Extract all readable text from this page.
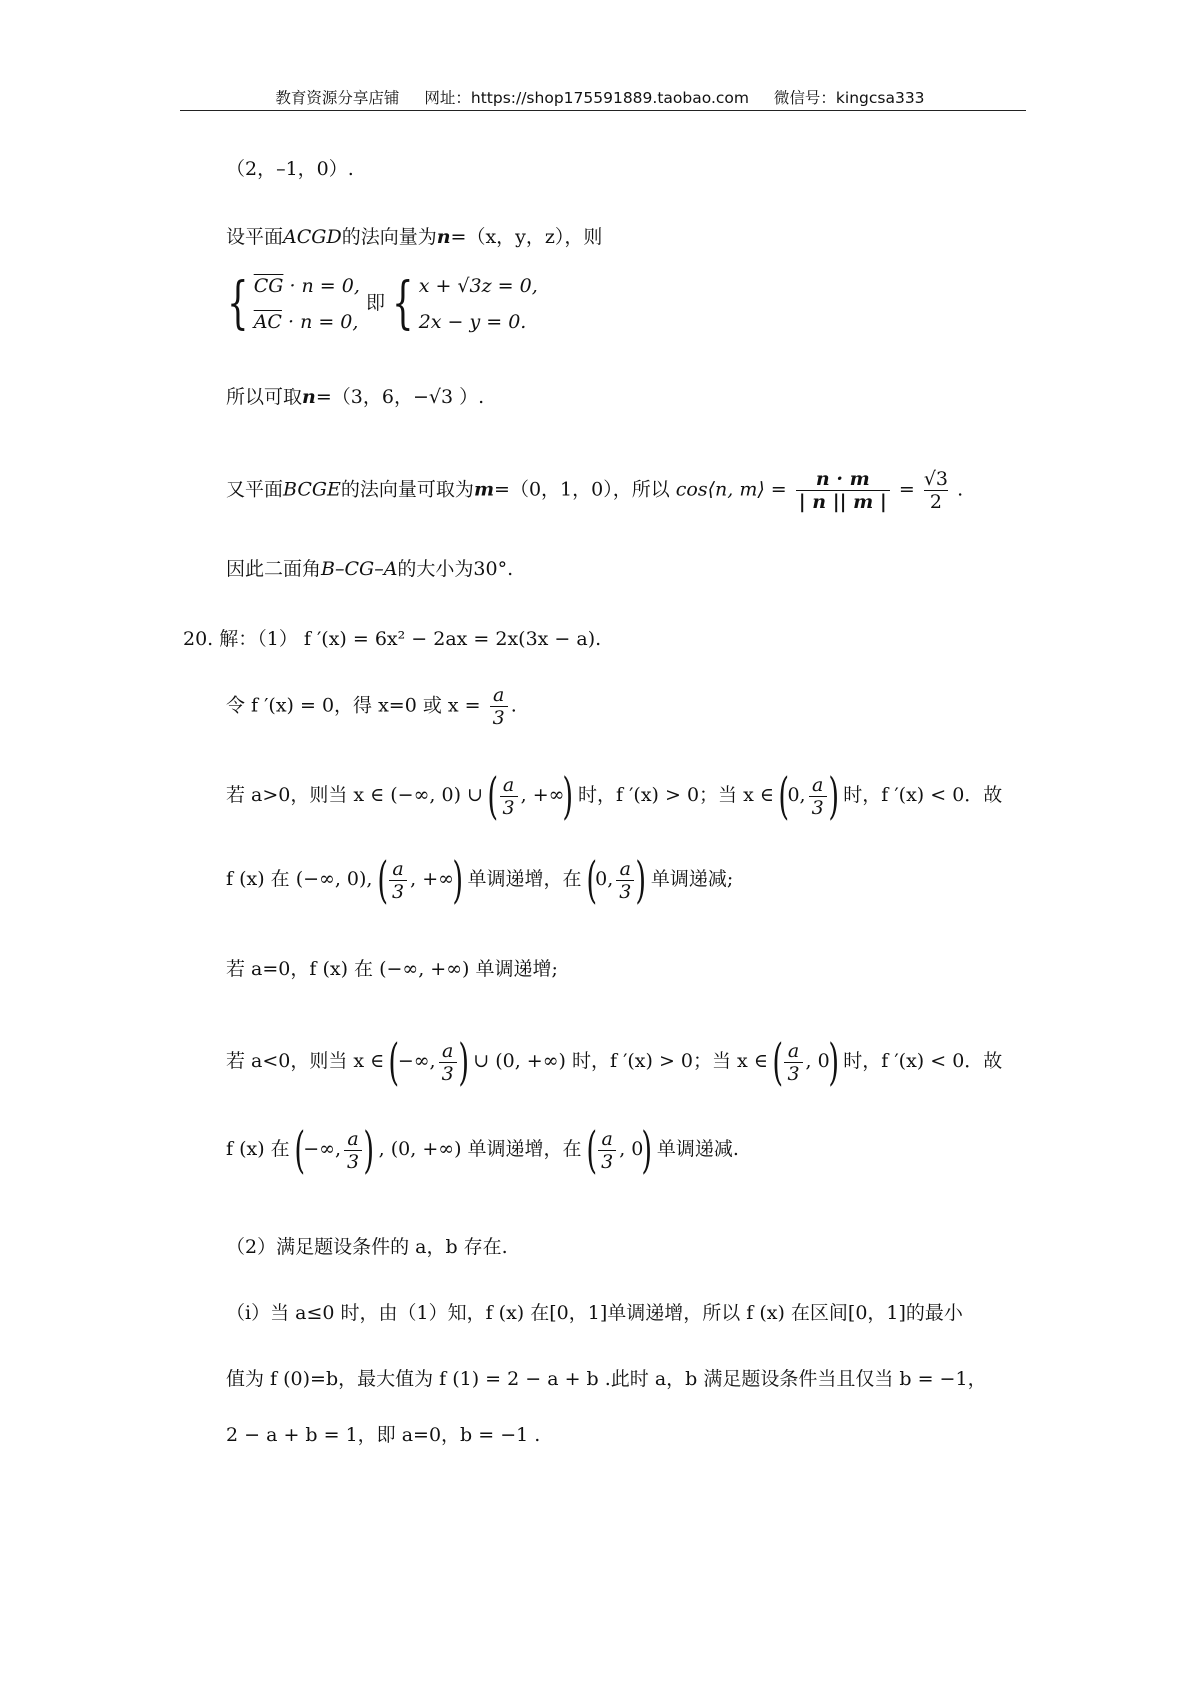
教育资源分享店铺 网址：https://shop175591889.taobao.com 微信号：kingcsa333
（2，–1，0）.
设平面ACGD的法向量为n=（x，y，z），则
{ $\overline{CG} \cdot n = 0$,
$\overline{AC} \cdot n = 0$,
即 { x + √3z = 0,
2x − y = 0.
所以可取n=（3，6，−√3 ）.
又平面BCGE的法向量可取为m=（0，1，0），所以 cos⟨n, m⟩ = $\frac{n \cdot m}{| n || m |} = \frac{√3}{2}$ .
因此二面角B–CG–A的大小为30°.
20. 解：（1） f ′(x) = 6x² − 2ax = 2x(3x − a).
令 f ′(x) = 0，得 x=0 或 $x = \frac{a}{3}$ .
若 a>0，则当 x ∈ (−∞, 0) ∪ ( $\frac{a}{3}$ , +∞) 时，f ′(x) > 0；当 x ∈ (0, $\frac{a}{3}$ ) 时，f ′(x) < 0．故
f (x) 在 (−∞, 0), ( $\frac{a}{3}$ , +∞) 单调递增，在 (0, $\frac{a}{3}$ ) 单调递减;
若 a=0，f (x) 在 (−∞, +∞) 单调递增;
若 a<0，则当 x ∈ (−∞, $\frac{a}{3}$ ) ∪ (0, +∞) 时，f ′(x) > 0；当 x ∈ ( $\frac{a}{3}$ , 0) 时，f ′(x) < 0．故
f (x) 在 (−∞, $\frac{a}{3}$ ) , (0, +∞) 单调递增，在 ( $\frac{a}{3}$ , 0) 单调递减.
（2）满足题设条件的 a，b 存在.
（i）当 a≤0 时，由（1）知，f (x) 在[0，1]单调递增，所以 f (x) 在区间[0，1]的最小
值为 f (0)=b，最大值为 f (1) = 2 − a + b .此时 a，b 满足题设条件当且仅当 b = −1，
2 − a + b = 1，即 a=0，b = −1 .
